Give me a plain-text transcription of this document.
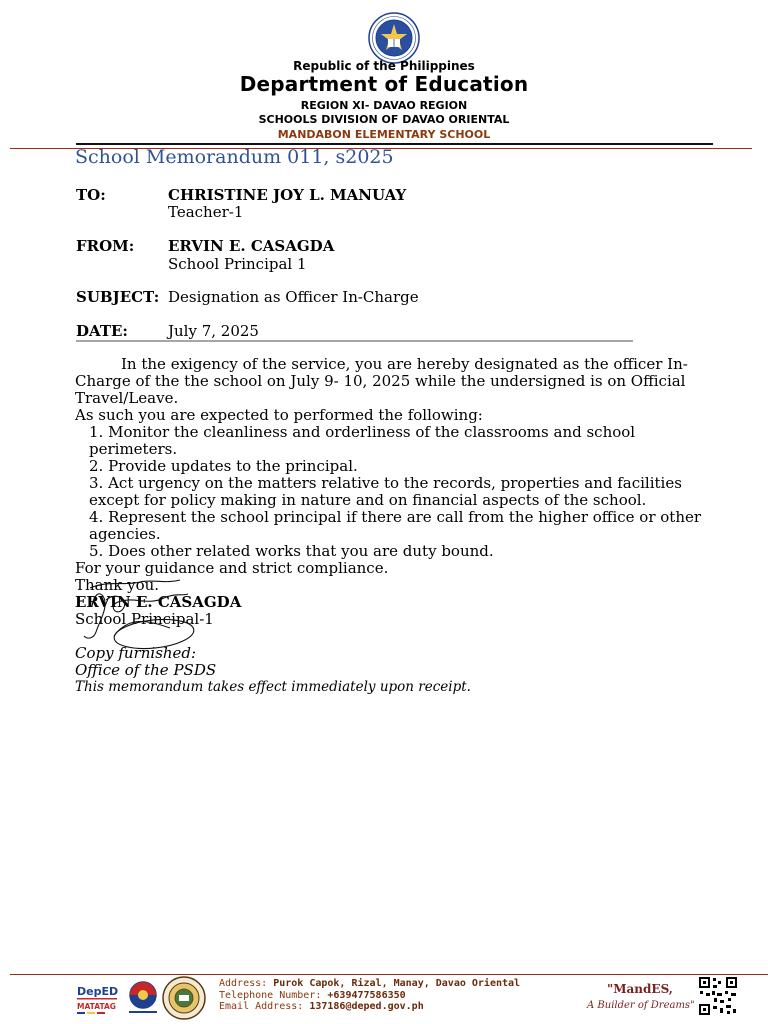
Republic of the Philippines
Department of Education
REGION XI- DAVAO REGION
SCHOOLS DIVISION OF DAVAO ORIENTAL
MANDABON ELEMENTARY SCHOOL
School Memorandum 011, s2025
TO:	CHRISTINE JOY L. MANUAY
Teacher-1
FROM: ERVIN E. CASAGDA
School Principal 1
SUBJECT: Designation as Officer In-Charge
DATE:	July 7, 2025

In the exigency of the service, you are hereby designated as the officer In-Charge of the the school on July 9- 10, 2025 while the undersigned is on Official Travel/Leave.

As such you are expected to performed the following:

1. Monitor the cleanliness and orderliness of the classrooms and school perimeters.
2. Provide updates to the principal.
3. Act urgency on the matters relative to the records, properties and facilities except for policy making in nature and on financial aspects of the school.
4. Represent the school principal if there are call from the higher office or other agencies.
5. Does other related works that you are duty bound.

For your guidance and strict compliance.

Thank you.

ERVIN E. CASAGDA

School Principal-1

Copy furnished:

Office of the PSDS

This memorandum takes effect immediately upon receipt.

DepED
MATATAG
Address: Purok Capok, Rizal, Manay, Davao Oriental
Telephone Number: +639477586350
Email Address: 137186@deped.gov.ph
"MandES,
A Builder of Dreams"
